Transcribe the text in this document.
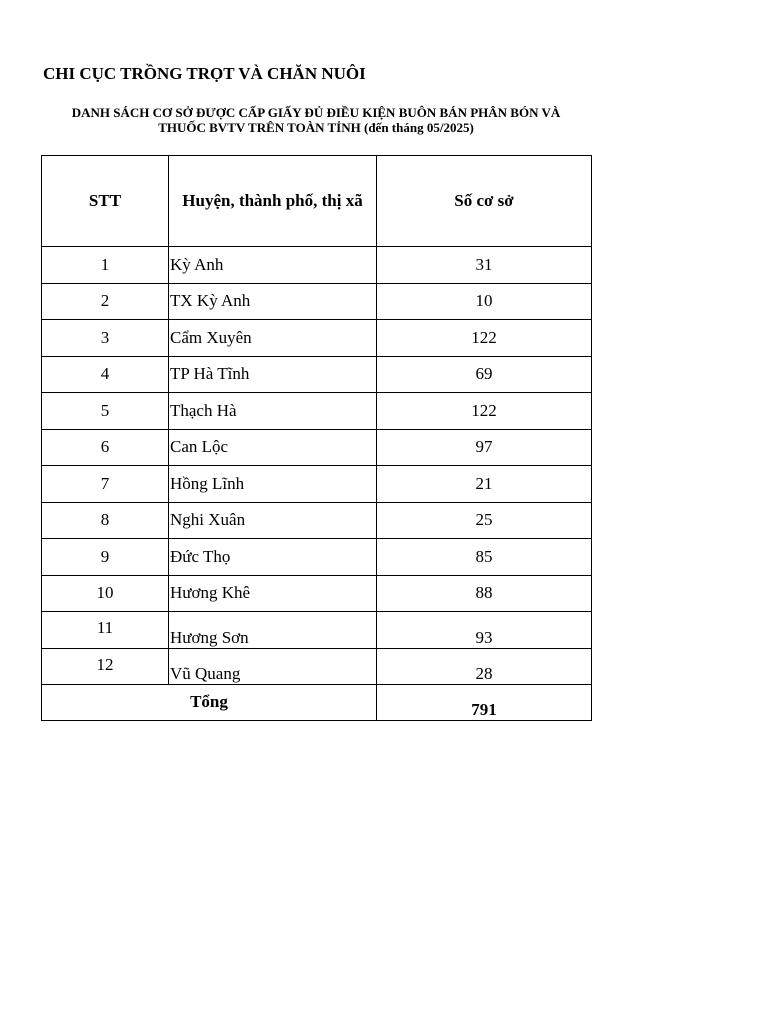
CHI CỤC TRỒNG TRỌT VÀ CHĂN NUÔI
DANH SÁCH CƠ SỞ ĐƯỢC CẤP GIẤY ĐỦ ĐIỀU KIỆN BUÔN BÁN PHÂN BÓN VÀ
THUỐC BVTV TRÊN TOÀN TỈNH (đến tháng 05/2025)
STT	Huyện, thành phố, thị xã	Số cơ sở
1	Kỳ Anh	31
2	TX Kỳ Anh	10
3	Cẩm Xuyên	122
4	TP Hà Tĩnh	69
5	Thạch Hà	122
6	Can Lộc	97
7	Hồng Lĩnh	21
8	Nghi Xuân	25
9	Đức Thọ	85
10	Hương Khê	88
11	Hương Sơn	93
12	Vũ Quang	28
Tổng		791
